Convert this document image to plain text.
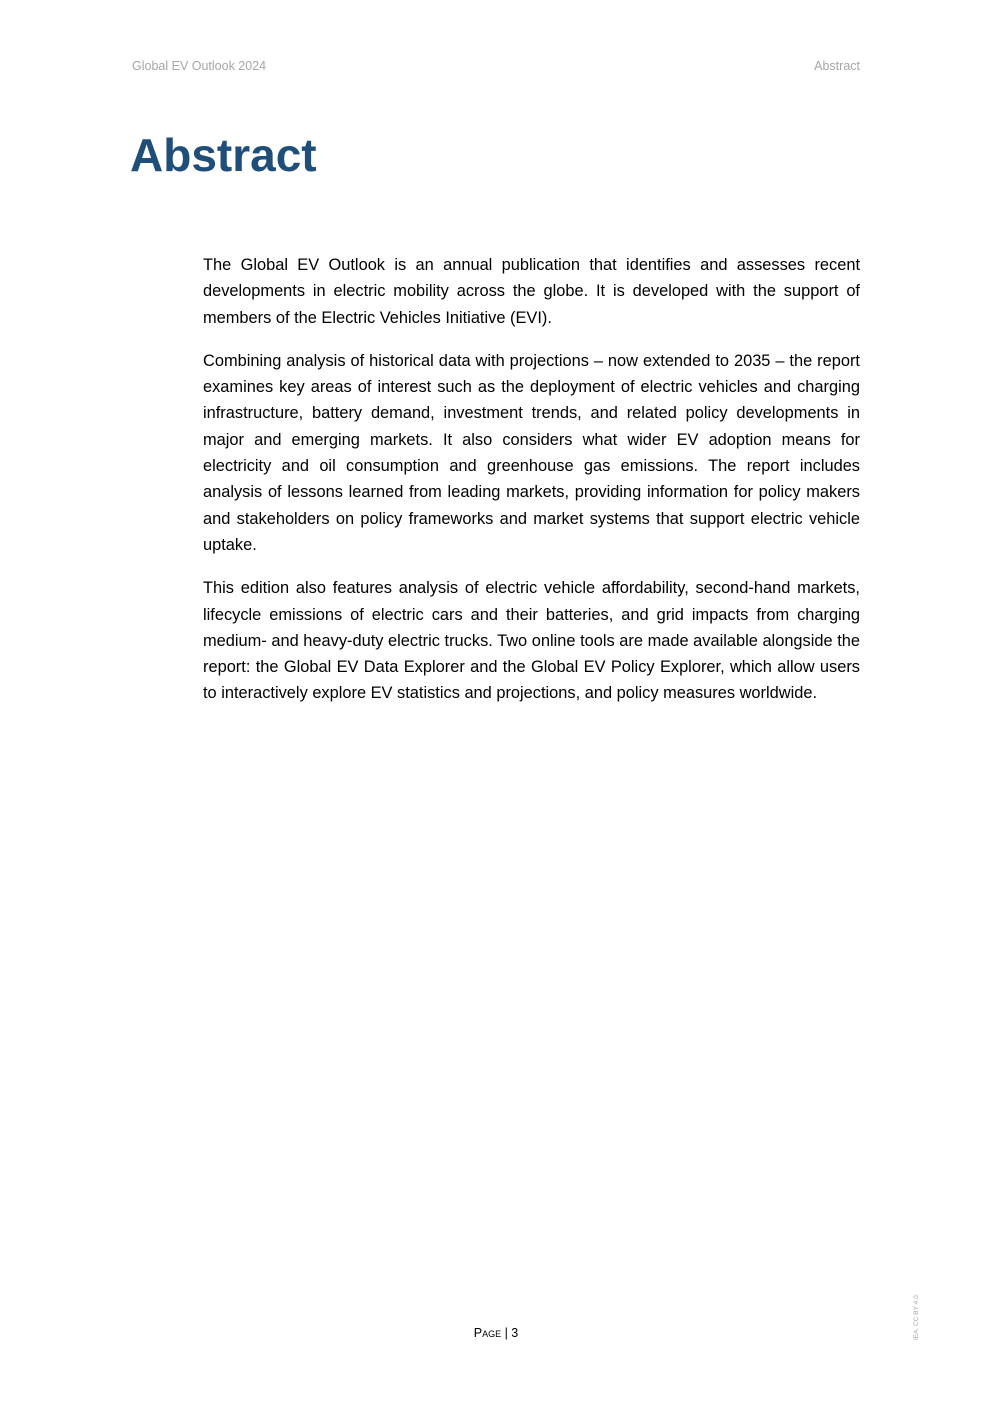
Global EV Outlook 2024	Abstract
Abstract

The Global EV Outlook is an annual publication that identifies and assesses recent developments in electric mobility across the globe. It is developed with the support of members of the Electric Vehicles Initiative (EVI).

Combining analysis of historical data with projections – now extended to 2035 – the report examines key areas of interest such as the deployment of electric vehicles and charging infrastructure, battery demand, investment trends, and related policy developments in major and emerging markets. It also considers what wider EV adoption means for electricity and oil consumption and greenhouse gas emissions. The report includes analysis of lessons learned from leading markets, providing information for policy makers and stakeholders on policy frameworks and market systems that support electric vehicle uptake.

This edition also features analysis of electric vehicle affordability, second-hand markets, lifecycle emissions of electric cars and their batteries, and grid impacts from charging medium- and heavy-duty electric trucks. Two online tools are made available alongside the report: the Global EV Data Explorer and the Global EV Policy Explorer, which allow users to interactively explore EV statistics and projections, and policy measures worldwide.

Page | 3	IEA. CC BY 4.0.
